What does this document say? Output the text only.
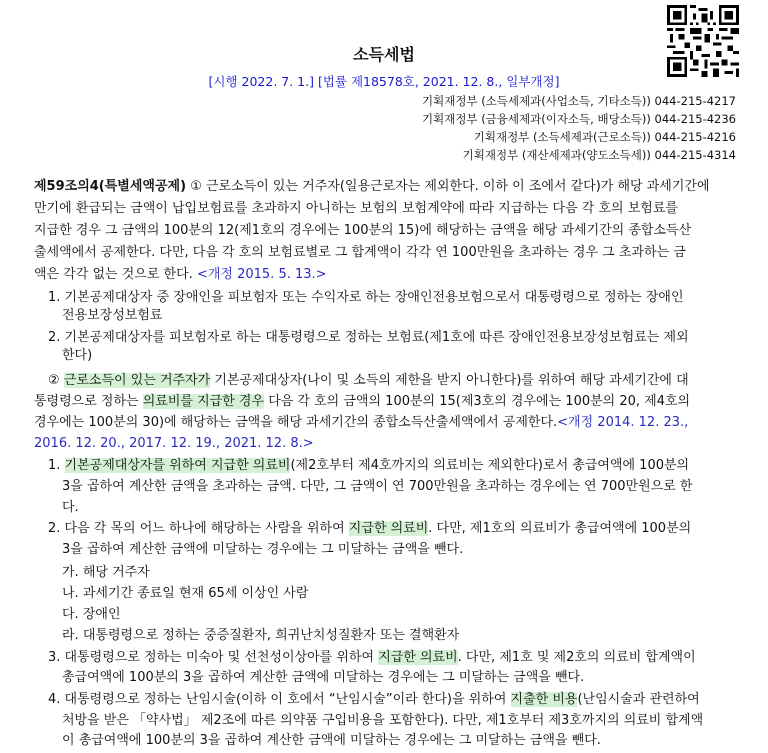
소득세법
[시행 2022. 7. 1.] [법률 제18578호, 2021. 12. 8., 일부개정]
기획재정부 (소득세제과(사업소득, 기타소득)) 044-215-4217
기획재정부 (금융세제과(이자소득, 배당소득)) 044-215-4236
기획재정부 (소득세제과(근로소득)) 044-215-4216
기획재정부 (재산세제과(양도소득세)) 044-215-4314
제59조의4(특별세액공제) ① 근로소득이 있는 거주자(일용근로자는 제외한다. 이하 이 조에서 같다)가 해당 과세기간에
만기에 환급되는 금액이 납입보험료를 초과하지 아니하는 보험의 보험계약에 따라 지급하는 다음 각 호의 보험료를
지급한 경우 그 금액의 100분의 12(제1호의 경우에는 100분의 15)에 해당하는 금액을 해당 과세기간의 종합소득산
출세액에서 공제한다. 다만, 다음 각 호의 보험료별로 그 합계액이 각각 연 100만원을 초과하는 경우 그 초과하는 금
액은 각각 없는 것으로 한다. <개정 2015. 5. 13.>
1. 기본공제대상자 중 장애인을 피보험자 또는 수익자로 하는 장애인전용보험으로서 대통령령으로 정하는 장애인
전용보장성보험료
2. 기본공제대상자를 피보험자로 하는 대통령령으로 정하는 보험료(제1호에 따른 장애인전용보장성보험료는 제외
한다)
② 근로소득이 있는 거주자가 기본공제대상자(나이 및 소득의 제한을 받지 아니한다)를 위하여 해당 과세기간에 대
통령령으로 정하는 의료비를 지급한 경우 다음 각 호의 금액의 100분의 15(제3호의 경우에는 100분의 20, 제4호의
경우에는 100분의 30)에 해당하는 금액을 해당 과세기간의 종합소득산출세액에서 공제한다.<개정 2014. 12. 23.,
2016. 12. 20., 2017. 12. 19., 2021. 12. 8.>
1. 기본공제대상자를 위하여 지급한 의료비(제2호부터 제4호까지의 의료비는 제외한다)로서 총급여액에 100분의
3을 곱하여 계산한 금액을 초과하는 금액. 다만, 그 금액이 연 700만원을 초과하는 경우에는 연 700만원으로 한
다.
2. 다음 각 목의 어느 하나에 해당하는 사람을 위하여 지급한 의료비. 다만, 제1호의 의료비가 총급여액에 100분의
3을 곱하여 계산한 금액에 미달하는 경우에는 그 미달하는 금액을 뺀다.
가. 해당 거주자
나. 과세기간 종료일 현재 65세 이상인 사람
다. 장애인
라. 대통령령으로 정하는 중증질환자, 희귀난치성질환자 또는 결핵환자
3. 대통령령으로 정하는 미숙아 및 선천성이상아를 위하여 지급한 의료비. 다만, 제1호 및 제2호의 의료비 합계액이
총급여액에 100분의 3을 곱하여 계산한 금액에 미달하는 경우에는 그 미달하는 금액을 뺀다.
4. 대통령령으로 정하는 난임시술(이하 이 호에서 “난임시술”이라 한다)을 위하여 지출한 비용(난임시술과 관련하여
처방을 받은 「약사법」 제2조에 따른 의약품 구입비용을 포함한다). 다만, 제1호부터 제3호까지의 의료비 합계액
이 총급여액에 100분의 3을 곱하여 계산한 금액에 미달하는 경우에는 그 미달하는 금액을 뺀다.
